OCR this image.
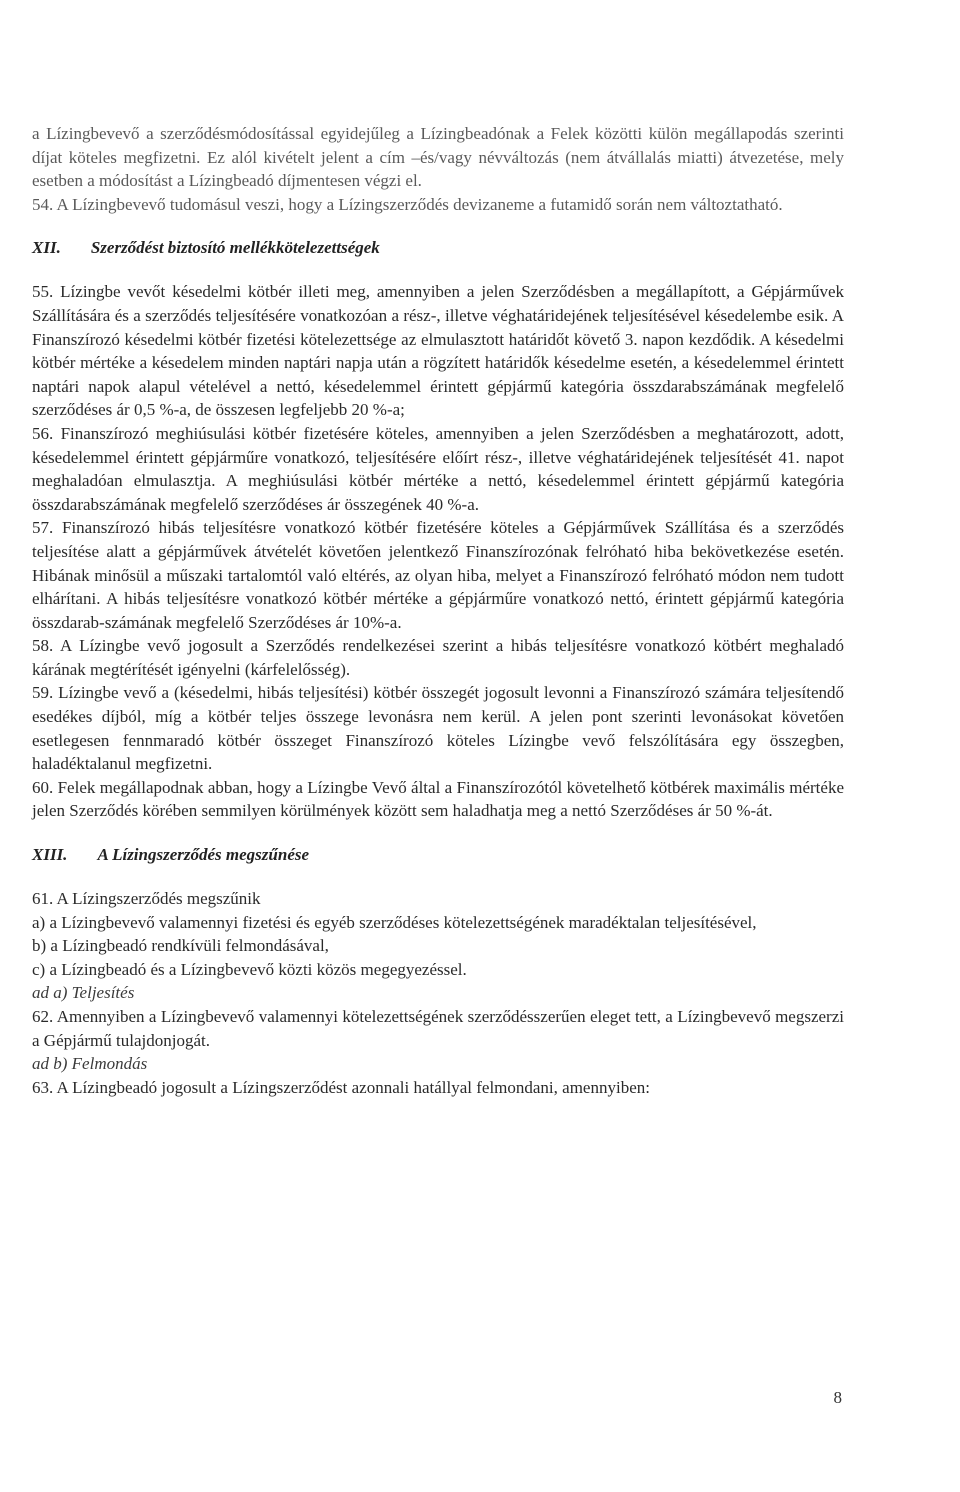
a Lízingbevevő a szerződésmódosítással egyidejűleg a Lízingbeadónak a Felek közötti külön megállapodás szerinti díjat köteles megfizetni. Ez alól kivételt jelent a cím –és/vagy névváltozás (nem átvállalás miatti) átvezetése, mely esetben a módosítást a Lízingbeadó díjmentesen végzi el.

54. A Lízingbevevő tudomásul veszi, hogy a Lízingszerződés devizaneme a futamidő során nem változtatható.

XII. Szerződést biztosító mellékkötelezettségek

55. Lízingbe vevőt késedelmi kötbér illeti meg, amennyiben a jelen Szerződésben a megállapított, a Gépjárművek Szállítására és a szerződés teljesítésére vonatkozóan a rész-, illetve véghatáridejének teljesítésével késedelembe esik. A Finanszírozó késedelmi kötbér fizetési kötelezettsége az elmulasztott határidőt követő 3. napon kezdődik. A késedelmi kötbér mértéke a késedelem minden naptári napja után a rögzített határidők késedelme esetén, a késedelemmel érintett naptári napok alapul vételével a nettó, késedelemmel érintett gépjármű kategória összdarabszámának megfelelő szerződéses ár 0,5 %-a, de összesen legfeljebb 20 %-a;

56. Finanszírozó meghiúsulási kötbér fizetésére köteles, amennyiben a jelen Szerződésben a meghatározott, adott, késedelemmel érintett gépjárműre vonatkozó, teljesítésére előírt rész-, illetve véghatáridejének teljesítését 41. napot meghaladóan elmulasztja. A meghiúsulási kötbér mértéke a nettó, késedelemmel érintett gépjármű kategória összdarabszámának megfelelő szerződéses ár összegének 40 %-a.

57. Finanszírozó hibás teljesítésre vonatkozó kötbér fizetésére köteles a Gépjárművek Szállítása és a szerződés teljesítése alatt a gépjárművek átvételét követően jelentkező Finanszírozónak felróható hiba bekövetkezése esetén. Hibának minősül a műszaki tartalomtól való eltérés, az olyan hiba, melyet a Finanszírozó felróható módon nem tudott elhárítani. A hibás teljesítésre vonatkozó kötbér mértéke a gépjárműre vonatkozó nettó, érintett gépjármű kategória összdarab-számának megfelelő Szerződéses ár 10%-a.

58. A Lízingbe vevő jogosult a Szerződés rendelkezései szerint a hibás teljesítésre vonatkozó kötbért meghaladó kárának megtérítését igényelni (kárfelelősség).

59. Lízingbe vevő a (késedelmi, hibás teljesítési) kötbér összegét jogosult levonni a Finanszírozó számára teljesítendő esedékes díjból, míg a kötbér teljes összege levonásra nem kerül. A jelen pont szerinti levonásokat követően esetlegesen fennmaradó kötbér összeget Finanszírozó köteles Lízingbe vevő felszólítására egy összegben, haladéktalanul megfizetni.

60. Felek megállapodnak abban, hogy a Lízingbe Vevő által a Finanszírozótól követelhető kötbérek maximális mértéke jelen Szerződés körében semmilyen körülmények között sem haladhatja meg a nettó Szerződéses ár 50 %-át.

XIII. A Lízingszerződés megszűnése

61. A Lízingszerződés megszűnik

a) a Lízingbevevő valamennyi fizetési és egyéb szerződéses kötelezettségének maradéktalan teljesítésével,

b) a Lízingbeadó rendkívüli felmondásával,

c) a Lízingbeadó és a Lízingbevevő közti közös megegyezéssel.

ad a) Teljesítés

62. Amennyiben a Lízingbevevő valamennyi kötelezettségének szerződésszerűen eleget tett, a Lízingbevevő megszerzi a Gépjármű tulajdonjogát.

ad b) Felmondás

63. A Lízingbeadó jogosult a Lízingszerződést azonnali hatállyal felmondani, amennyiben:

8
